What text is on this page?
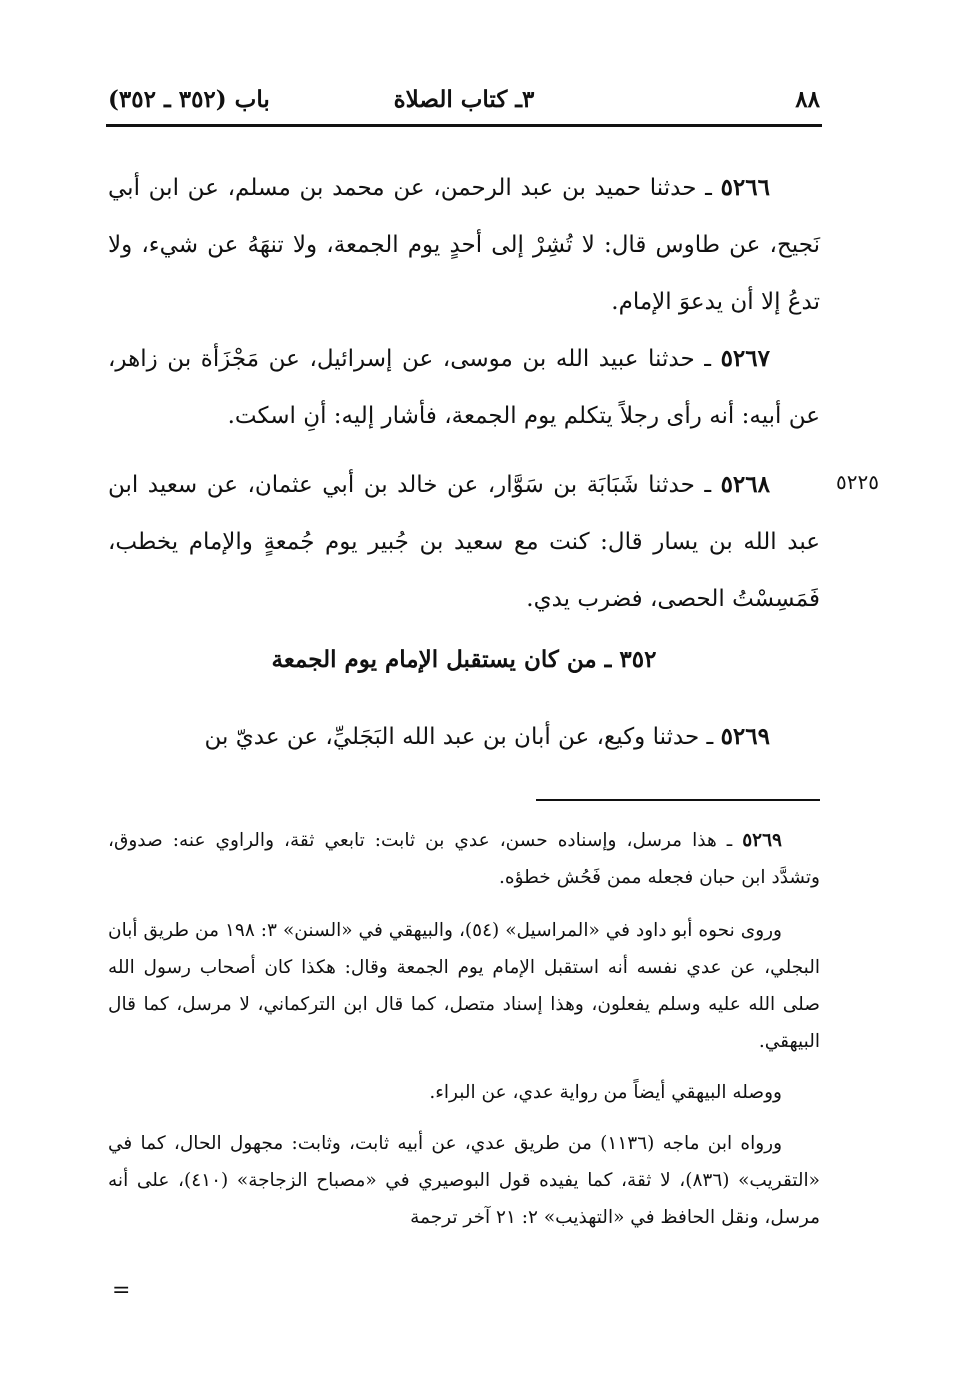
٨٨
٣ـ كتاب الصلاة
باب (٣٥٢ ـ ٣٥٢)

٥٢٦٦ ـ حدثنا حميد بن عبد الرحمن، عن محمد بن مسلم، عن ابن أبي نَجيح، عن طاوس قال: لا تُشِرْ إلى أحدٍ يوم الجمعة، ولا تنهَهُ عن شيء، ولا تدعُ إلا أن يدعوَ الإمام.

٥٢٦٧ ـ حدثنا عبيد الله بن موسى، عن إسرائيل، عن مَجْزَأة بن زاهر، عن أبيه: أنه رأى رجلاً يتكلم يوم الجمعة، فأشار إليه: أنِ اسكت.

٥٢٢٥

٥٢٦٨ ـ حدثنا شَبَابَة بن سَوَّار، عن خالد بن أبي عثمان، عن سعيد ابن عبد الله بن يسار قال: كنت مع سعيد بن جُبير يوم جُمعةٍ والإمام يخطب، فَمَسِسْتُ الحصى، فضرب يدي.

٣٥٢ ـ من كان يستقبل الإمام يوم الجمعة

٥٢٦٩ ـ حدثنا وكيع، عن أبان بن عبد الله البَجَليِّ، عن عديّ بن

٥٢٦٩ ـ هذا مرسل، وإسناده حسن، عدي بن ثابت: تابعي ثقة، والراوي عنه: صدوق، وتشدَّد ابن حبان فجعله ممن فَحُش خطؤه.

وروى نحوه أبو داود في «المراسيل» (٥٤)، والبيهقي في «السنن» ٣: ١٩٨ من طريق أبان البجلي، عن عدي نفسه أنه استقبل الإمام يوم الجمعة وقال: هكذا كان أصحاب رسول الله صلى الله عليه وسلم يفعلون، وهذا إسناد متصل، كما قال ابن التركماني، لا مرسل، كما قال البيهقي.

ووصله البيهقي أيضاً من رواية عدي، عن البراء.

ورواه ابن ماجه (١١٣٦) من طريق عدي، عن أبيه ثابت، وثابت: مجهول الحال، كما في «التقريب» (٨٣٦)، لا ثقة، كما يفيده قول البوصيري في «مصباح الزجاجة» (٤١٠)، على أنه مرسل، ونقل الحافظ في «التهذيب» ٢: ٢١ آخر ترجمة

=
